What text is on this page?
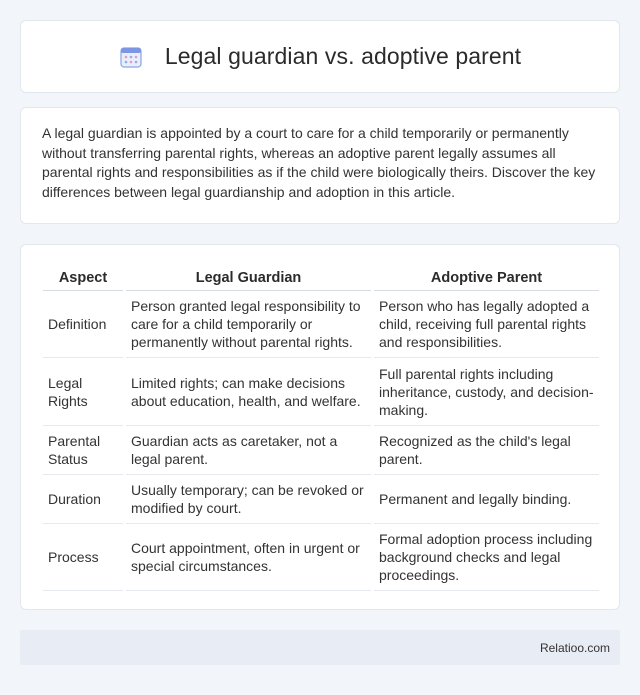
Legal guardian vs. adoptive parent

A legal guardian is appointed by a court to care for a child temporarily or permanently without transferring parental rights, whereas an adoptive parent legally assumes all parental rights and responsibilities as if the child were biologically theirs. Discover the key differences between legal guardianship and adoption in this article.

Aspect	Legal Guardian	Adoptive Parent
Definition	Person granted legal responsibility to care for a child temporarily or permanently without parental rights.	Person who has legally adopted a child, receiving full parental rights and responsibilities.
Legal Rights	Limited rights; can make decisions about education, health, and welfare.	Full parental rights including inheritance, custody, and decision-making.
Parental Status	Guardian acts as caretaker, not a legal parent.	Recognized as the child's legal parent.
Duration	Usually temporary; can be revoked or modified by court.	Permanent and legally binding.
Process	Court appointment, often in urgent or special circumstances.	Formal adoption process including background checks and legal proceedings.
Relatioo.com
